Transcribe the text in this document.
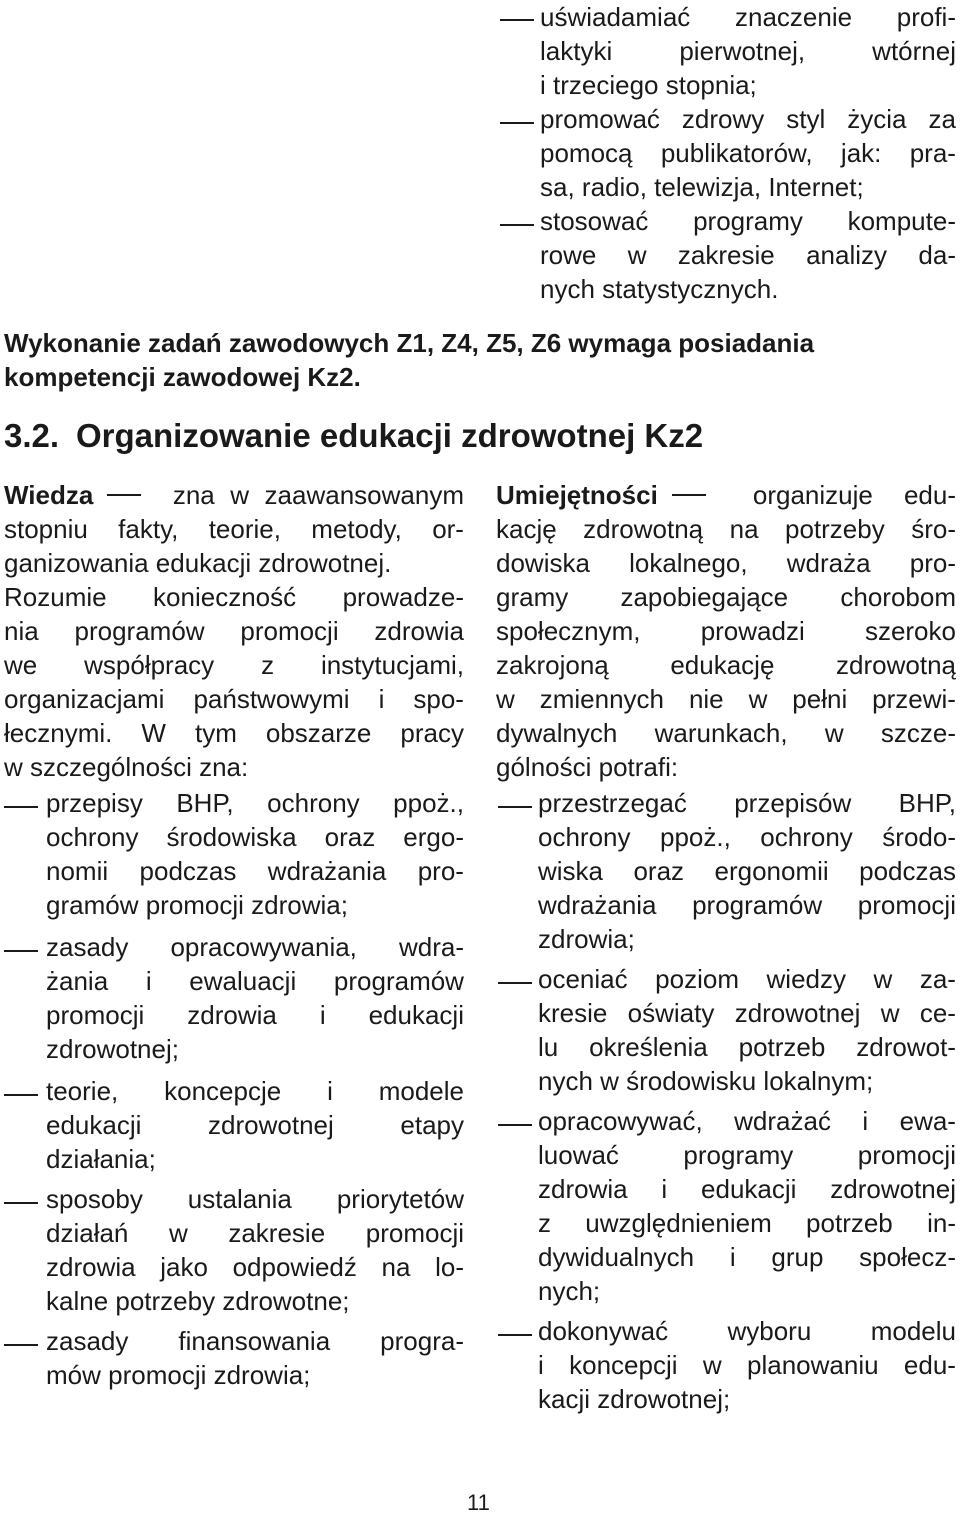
uświadamiać znaczenie profi-
laktyki	pierwotnej,	wtórnej
i trzeciego stopnia;
promować zdrowy styl życia za
pomocą publikatorów, jak: pra-
sa, radio, telewizja, Internet;
stosować programy kompute-
rowe w zakresie analizy da-
nych statystycznych.
Wykonanie zadań zawodowych Z1, Z4, Z5, Z6 wymaga posiadania
kompetencji zawodowej Kz2.
3.2. Organizowanie edukacji zdrowotnej Kz2
Wiedza	zna w zaawansowanym
stopniu fakty, teorie, metody, or-
ganizowania edukacji zdrowotnej.
Rozumie konieczność prowadze-
nia programów promocji zdrowia
we współpracy z instytucjami,
organizacjami państwowymi i spo-
łecznymi. W tym obszarze pracy
w szczególności zna:
przepisy BHP, ochrony ppoż.,
ochrony środowiska oraz ergo-
nomii podczas wdrażania pro-
gramów promocji zdrowia;
zasady opracowywania, wdra-
żania i ewaluacji programów
promocji zdrowia i edukacji
zdrowotnej;
teorie, koncepcje i modele
edukacji	zdrowotnej	etapy
działania;
sposoby ustalania priorytetów
działań w zakresie promocji
zdrowia jako odpowiedź na lo-
kalne potrzeby zdrowotne;
zasady finansowania progra-
mów promocji zdrowia;
Umiejętności	organizuje edu-
kację zdrowotną na potrzeby śro-
dowiska lokalnego, wdraża pro-
gramy zapobiegające chorobom
społecznym, prowadzi szeroko
zakrojoną edukację zdrowotną
w zmiennych nie w pełni przewi-
dywalnych warunkach, w szcze-
gólności potrafi:
przestrzegać przepisów BHP,
ochrony ppoż., ochrony środo-
wiska oraz ergonomii podczas
wdrażania programów promocji
zdrowia;
oceniać poziom wiedzy w za-
kresie oświaty zdrowotnej w ce-
lu określenia potrzeb zdrowot-
nych w środowisku lokalnym;
opracowywać, wdrażać i ewa-
luować programy promocji
zdrowia i edukacji zdrowotnej
z uwzględnieniem potrzeb in-
dywidualnych i grup społecz-
nych;
dokonywać wyboru modelu
i koncepcji w planowaniu edu-
kacji zdrowotnej;
11
